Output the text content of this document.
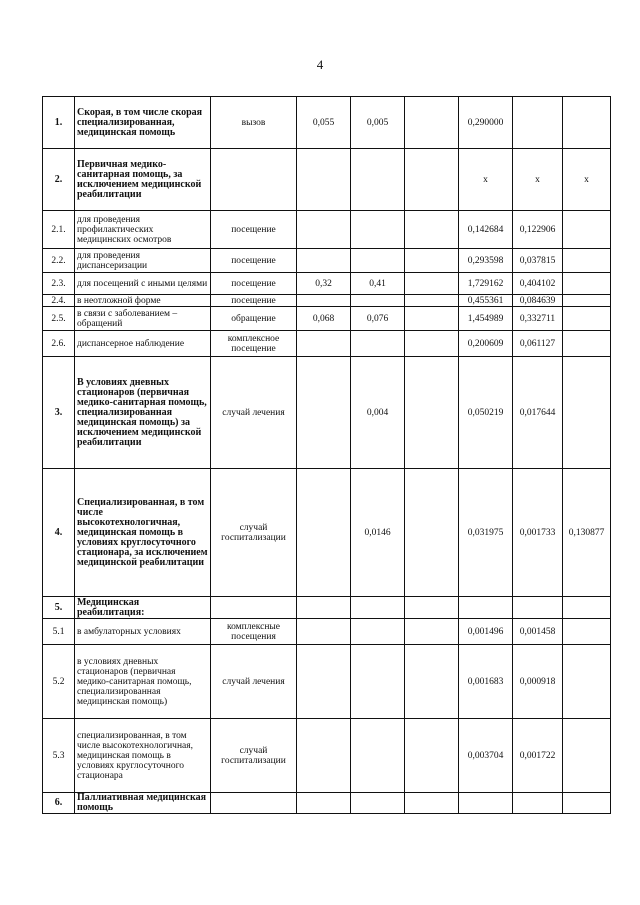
4
1.	Скорая, в том числе скорая специализированная, медицинская помощь	вызов	0,055	0,005		0,290000		
2.	Первичная медико-санитарная помощь, за исключением медицинской реабилитации					х	х	х
2.1.	для проведения профилактических медицинских осмотров	посещение				0,142684	0,122906	
2.2.	для проведения диспансеризации	посещение				0,293598	0,037815	
2.3.	для посещений с иными целями	посещение	0,32	0,41		1,729162	0,404102	
2.4.	в неотложной форме	посещение				0,455361	0,084639	
2.5.	в связи с заболеванием – обращений	обращение	0,068	0,076		1,454989	0,332711	
2.6.	диспансерное наблюдение	комплексное посещение				0,200609	0,061127	
3.	В условиях дневных стационаров (первичная медико-санитарная помощь, специализированная медицинская помощь) за исключением медицинской реабилитации	случай лечения		0,004		0,050219	0,017644	
4.	Специализированная, в том числе высокотехнологичная, медицинская помощь в условиях круглосуточного стационара, за исключением медицинской реабилитации	случай госпитализации		0,0146		0,031975	0,001733	0,130877
5.	Медицинская реабилитация:							
5.1	в амбулаторных условиях	комплексные посещения				0,001496	0,001458	
5.2	в условиях дневных стационаров (первичная медико-санитарная помощь, специализированная медицинская помощь)	случай лечения				0,001683	0,000918	
5.3	специализированная, в том числе высокотехнологичная, медицинская помощь в условиях круглосуточного стационара	случай госпитализации				0,003704	0,001722	
6.	Паллиативная медицинская помощь							
